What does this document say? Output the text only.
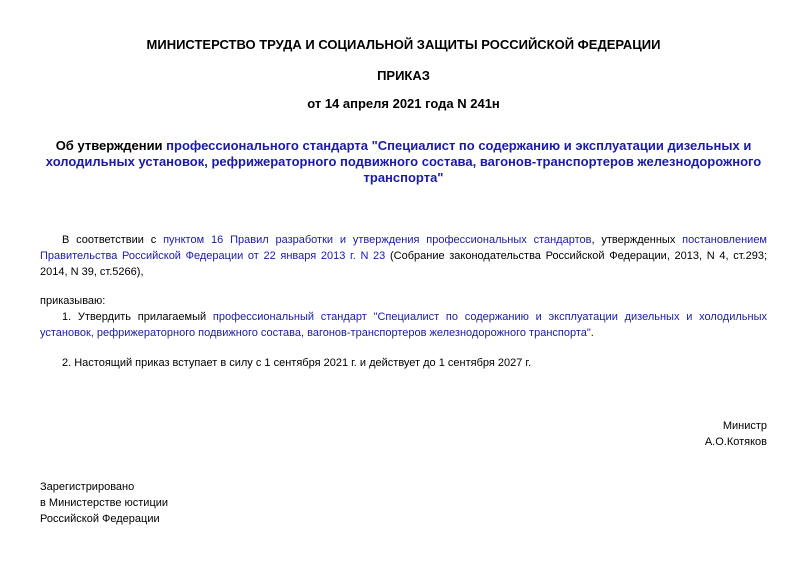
МИНИСТЕРСТВО ТРУДА И СОЦИАЛЬНОЙ ЗАЩИТЫ РОССИЙСКОЙ ФЕДЕРАЦИИ
ПРИКАЗ
от 14 апреля 2021 года N 241н
Об утверждении профессионального стандарта "Специалист по содержанию и эксплуатации дизельных и холодильных установок, рефрижераторного подвижного состава, вагонов-транспортеров железнодорожного транспорта"
В соответствии с пунктом 16 Правил разработки и утверждения профессиональных стандартов, утвержденных постановлением Правительства Российской Федерации от 22 января 2013 г. N 23 (Собрание законодательства Российской Федерации, 2013, N 4, ст.293; 2014, N 39, ст.5266),
приказываю:
1. Утвердить прилагаемый профессиональный стандарт "Специалист по содержанию и эксплуатации дизельных и холодильных установок, рефрижераторного подвижного состава, вагонов-транспортеров железнодорожного транспорта".
2. Настоящий приказ вступает в силу с 1 сентября 2021 г. и действует до 1 сентября 2027 г.
Министр
А.О.Котяков
Зарегистрировано
в Министерстве юстиции
Российской Федерации
